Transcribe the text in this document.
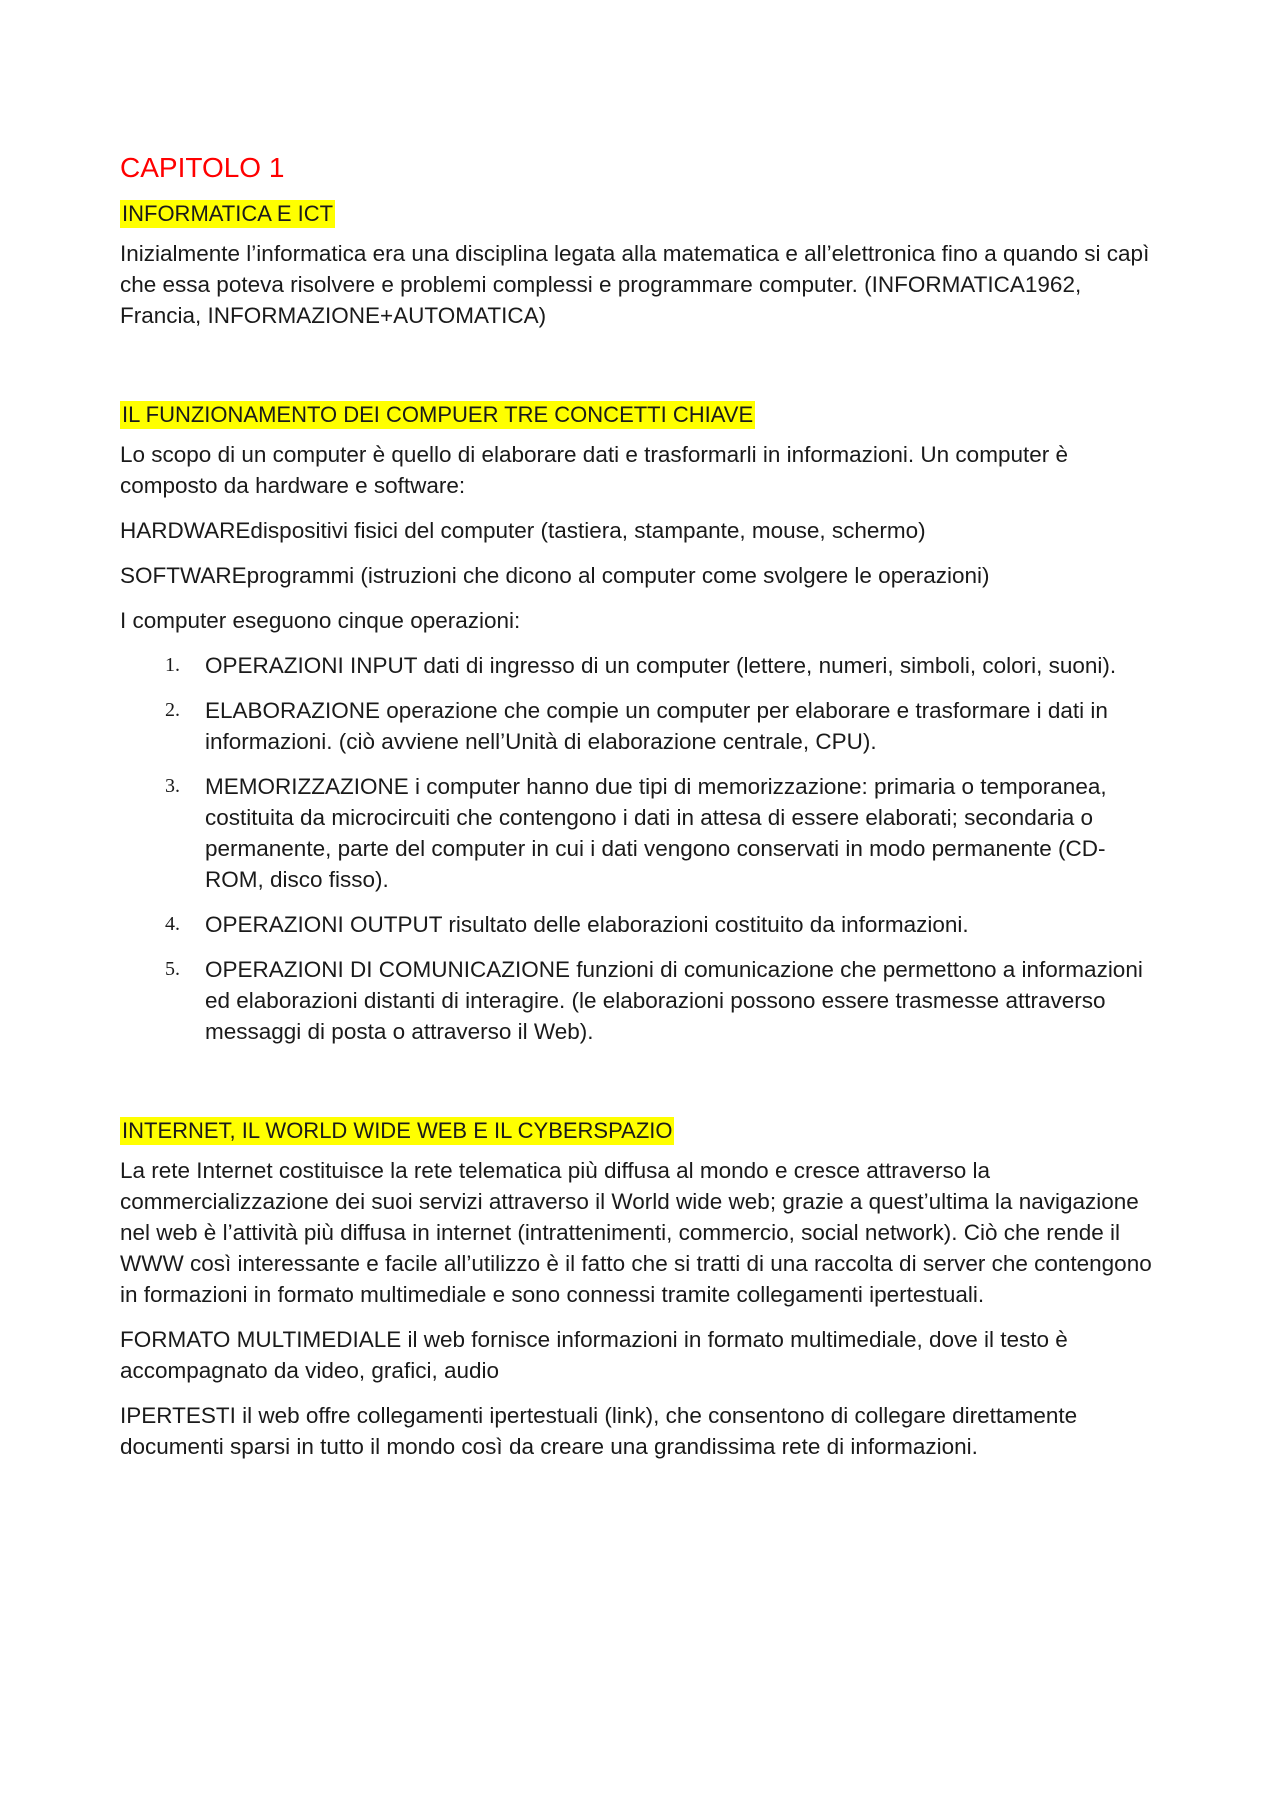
CAPITOLO 1
INFORMATICA E ICT

Inizialmente l’informatica era una disciplina legata alla matematica e all’elettronica fino a quando si capì che essa poteva risolvere e problemi complessi e programmare computer. (INFORMATICA1962, Francia, INFORMAZIONE+AUTOMATICA)

IL FUNZIONAMENTO DEI COMPUER TRE CONCETTI CHIAVE

Lo scopo di un computer è quello di elaborare dati e trasformarli in informazioni. Un computer è composto da hardware e software:

HARDWAREdispositivi fisici del computer (tastiera, stampante, mouse, schermo)

SOFTWAREprogrammi (istruzioni che dicono al computer come svolgere le operazioni)

I computer eseguono cinque operazioni:

1. OPERAZIONI INPUT dati di ingresso di un computer (lettere, numeri, simboli, colori, suoni).
2. ELABORAZIONE operazione che compie un computer per elaborare e trasformare i dati in informazioni. (ciò avviene nell’Unità di elaborazione centrale, CPU).
3. MEMORIZZAZIONE i computer hanno due tipi di memorizzazione: primaria o temporanea, costituita da microcircuiti che contengono i dati in attesa di essere elaborati; secondaria o permanente, parte del computer in cui i dati vengono conservati in modo permanente (CD-ROM, disco fisso).
4. OPERAZIONI OUTPUT risultato delle elaborazioni costituito da informazioni.
5. OPERAZIONI DI COMUNICAZIONE funzioni di comunicazione che permettono a informazioni ed elaborazioni distanti di interagire. (le elaborazioni possono essere trasmesse attraverso messaggi di posta o attraverso il Web).
INTERNET, IL WORLD WIDE WEB E IL CYBERSPAZIO

La rete Internet costituisce la rete telematica più diffusa al mondo e cresce attraverso la commercializzazione dei suoi servizi attraverso il World wide web; grazie a quest’ultima la navigazione nel web è l’attività più diffusa in internet (intrattenimenti, commercio, social network). Ciò che rende il WWW così interessante e facile all’utilizzo è il fatto che si tratti di una raccolta di server che contengono in formazioni in formato multimediale e sono connessi tramite collegamenti ipertestuali.

FORMATO MULTIMEDIALE il web fornisce informazioni in formato multimediale, dove il testo è accompagnato da video, grafici, audio

IPERTESTI il web offre collegamenti ipertestuali (link), che consentono di collegare direttamente documenti sparsi in tutto il mondo così da creare una grandissima rete di informazioni.
